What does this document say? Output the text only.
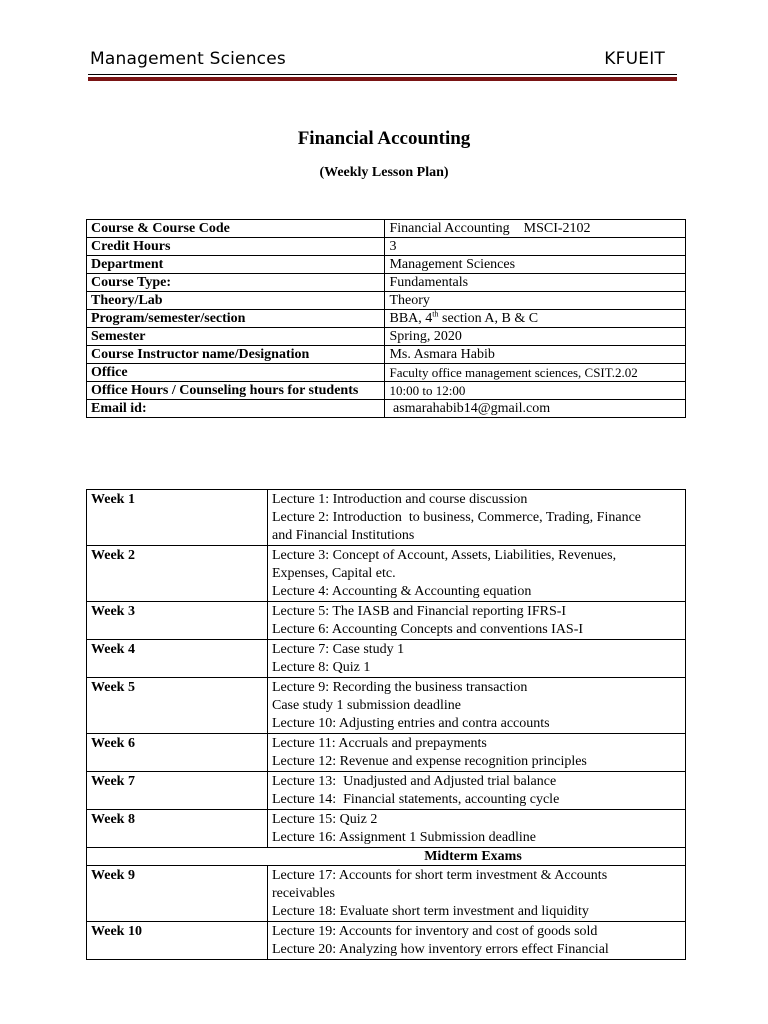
Management Sciences	KFUEIT
Financial Accounting
(Weekly Lesson Plan)
Course & Course Code	Financial Accounting    MSCI-2102
Credit Hours	3
Department	Management Sciences
Course Type:	Fundamentals
Theory/Lab	Theory
Program/semester/section	BBA, 4th section A, B & C
Semester	Spring, 2020
Course Instructor name/Designation	Ms. Asmara Habib
Office	Faculty office management sciences, CSIT.2.02
Office Hours / Counseling hours for students	10:00 to 12:00
Email id:	asmarahabib14@gmail.com
Week 1	Lecture 1: Introduction and course discussion
Lecture 2: Introduction  to business, Commerce, Trading, Finance
and Financial Institutions

Week 2	Lecture 3: Concept of Account, Assets, Liabilities, Revenues,
Expenses, Capital etc.
Lecture 4: Accounting & Accounting equation

Week 3	Lecture 5: The IASB and Financial reporting IFRS-I
Lecture 6: Accounting Concepts and conventions IAS-I

Week 4	Lecture 7: Case study 1
Lecture 8: Quiz 1

Week 5	Lecture 9: Recording the business transaction
Case study 1 submission deadline
Lecture 10: Adjusting entries and contra accounts

Week 6	Lecture 11: Accruals and prepayments
Lecture 12: Revenue and expense recognition principles

Week 7	Lecture 13:  Unadjusted and Adjusted trial balance
Lecture 14:  Financial statements, accounting cycle

Week 8	Lecture 15: Quiz 2
Lecture 16: Assignment 1 Submission deadline

Midterm Exams	
Week 9	Lecture 17: Accounts for short term investment & Accounts
receivables
Lecture 18: Evaluate short term investment and liquidity

Week 10	Lecture 19: Accounts for inventory and cost of goods sold
Lecture 20: Analyzing how inventory errors effect Financial
